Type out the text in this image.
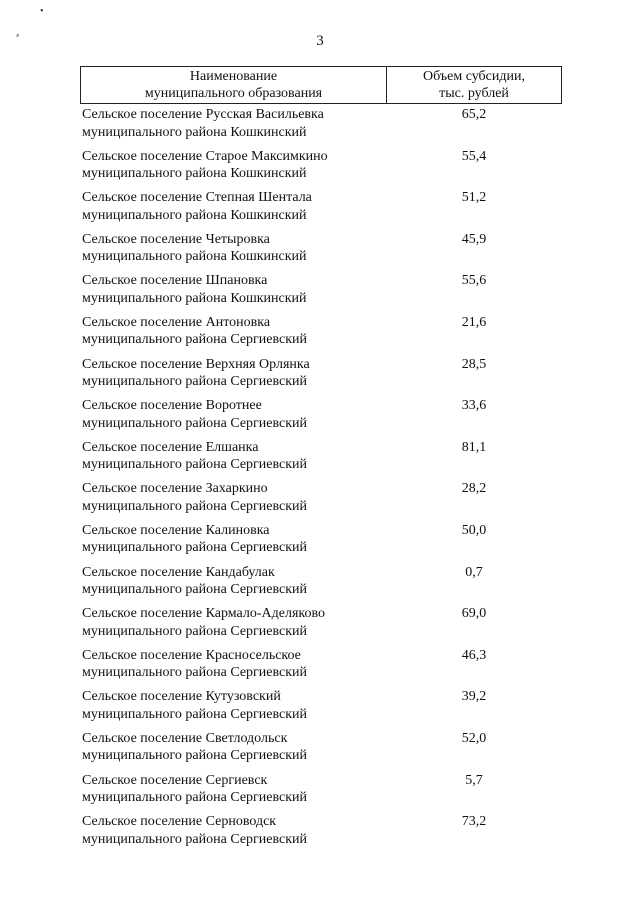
•
⸗	3
Наименование
муниципального образования
Объем субсидии,
тыс. рублей
Сельское поселение Русская Васильевка
муниципального района Кошкинский
65,2
Сельское поселение Старое Максимкино
муниципального района Кошкинский
55,4
Сельское поселение Степная Шентала
муниципального района Кошкинский
51,2
Сельское поселение Четыровка
муниципального района Кошкинский
45,9
Сельское поселение Шпановка
муниципального района Кошкинский
55,6
Сельское поселение Антоновка
муниципального района Сергиевский
21,6
Сельское поселение Верхняя Орлянка
муниципального района Сергиевский
28,5
Сельское поселение Воротнее
муниципального района Сергиевский
33,6
Сельское поселение Елшанка
муниципального района Сергиевский
81,1
Сельское поселение Захаркино
муниципального района Сергиевский
28,2
Сельское поселение Калиновка
муниципального района Сергиевский
50,0
Сельское поселение Кандабулак
муниципального района Сергиевский
0,7
Сельское поселение Кармало-Аделяково
муниципального района Сергиевский
69,0
Сельское поселение Красносельское
муниципального района Сергиевский
46,3
Сельское поселение Кутузовский
муниципального района Сергиевский
39,2
Сельское поселение Светлодольск
муниципального района Сергиевский
52,0
Сельское поселение Сергиевск
муниципального района Сергиевский
5,7
Сельское поселение Серноводск
муниципального района Сергиевский
73,2
